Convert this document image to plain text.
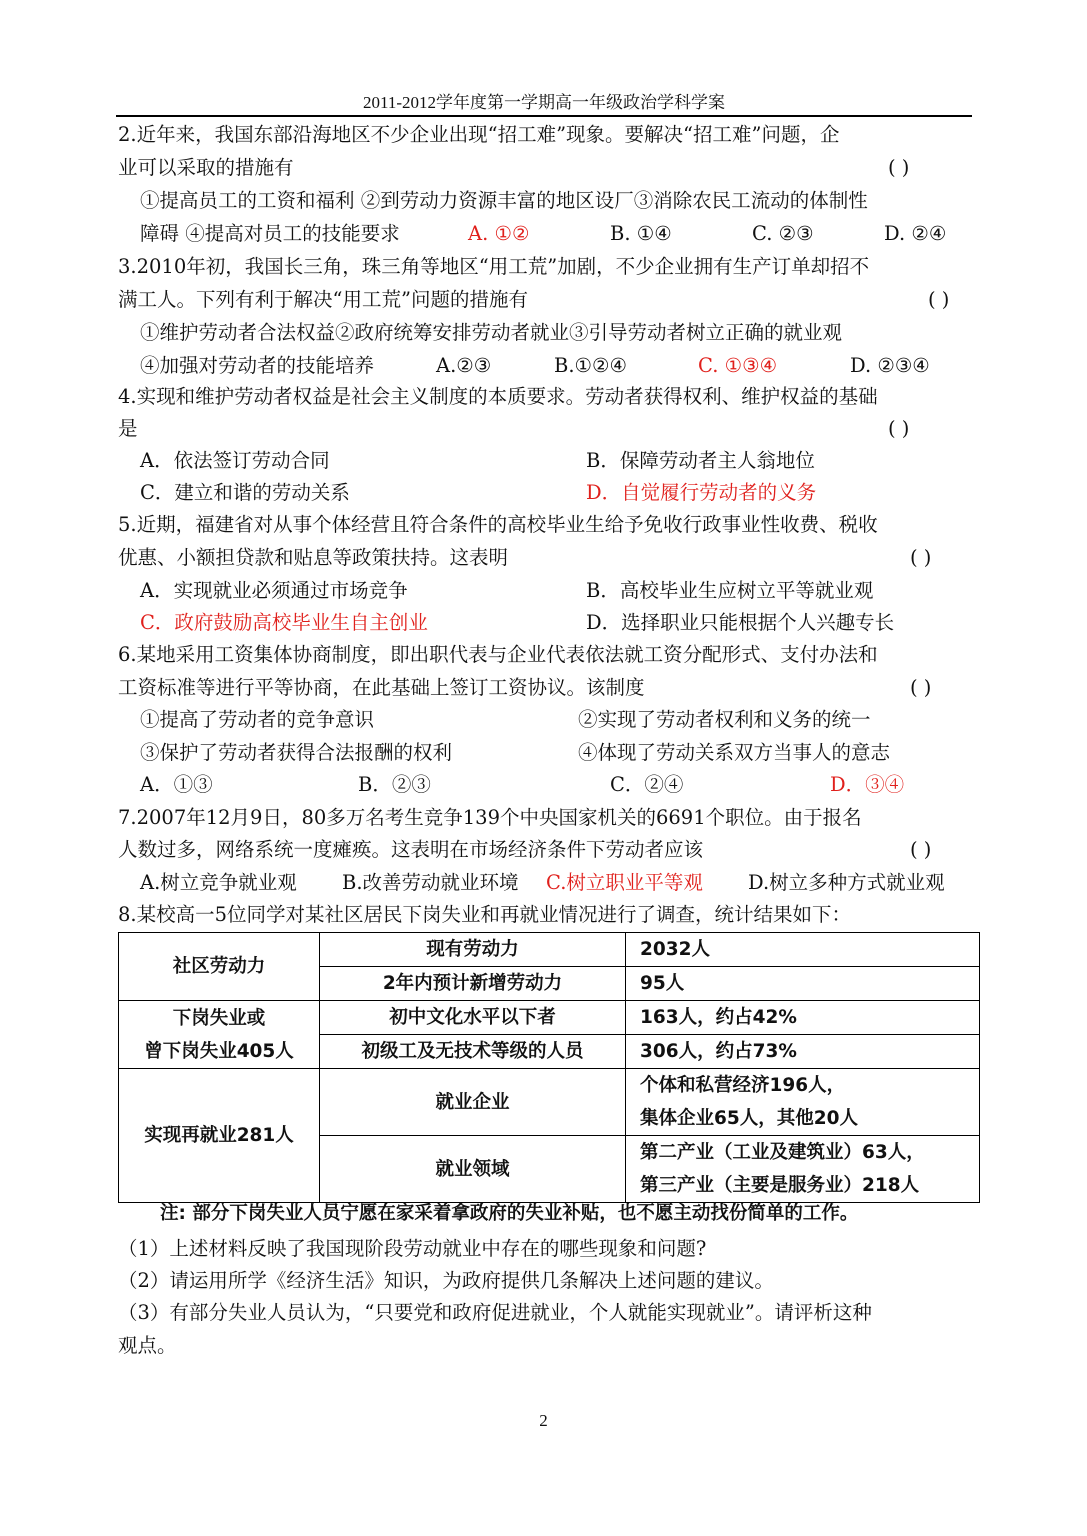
2011-2012学年度第一学期高一年级政治学科学案
2.近年来，我国东部沿海地区不少企业出现“招工难”现象。要解决“招工难”问题，企
业可以采取的措施有	( )
①提高员工的工资和福利 ②到劳动力资源丰富的地区设厂③消除农民工流动的体制性
障碍 ④提高对员工的技能要求	A. ①②	B. ①④	C. ②③	D. ②④
3.2010年初，我国长三角，珠三角等地区“用工荒”加剧，不少企业拥有生产订单却招不
满工人。下列有利于解决“用工荒”问题的措施有	( )
①维护劳动者合法权益②政府统筹安排劳动者就业③引导劳动者树立正确的就业观
④加强对劳动者的技能培养	A.②③	B.①②④	C. ①③④	D. ②③④
4.实现和维护劳动者权益是社会主义制度的本质要求。劳动者获得权利、维护权益的基础
是	( )
A．依法签订劳动合同	B．保障劳动者主人翁地位
C．建立和谐的劳动关系	D．自觉履行劳动者的义务
5.近期，福建省对从事个体经营且符合条件的高校毕业生给予免收行政事业性收费、税收
优惠、小额担贷款和贴息等政策扶持。这表明	( )
A．实现就业必须通过市场竞争	B．高校毕业生应树立平等就业观
C．政府鼓励高校毕业生自主创业	D．选择职业只能根据个人兴趣专长
6.某地采用工资集体协商制度，即出职代表与企业代表依法就工资分配形式、支付办法和
工资标准等进行平等协商，在此基础上签订工资协议。该制度	( )
①提高了劳动者的竞争意识	②实现了劳动者权利和义务的统一
③保护了劳动者获得合法报酬的权利	④体现了劳动关系双方当事人的意志
A．①③	B．②③	C．②④	D．③④
7.2007年12月9日，80多万名考生竞争139个中央国家机关的6691个职位。由于报名
人数过多，网络系统一度瘫痪。这表明在市场经济条件下劳动者应该	( )
A.树立竞争就业观 B.改善劳动就业环境 C.树立职业平等观 D.树立多种方式就业观
8.某校高一5位同学对某社区居民下岗失业和再就业情况进行了调查，统计结果如下：
社区劳动力	现有劳动力	2032人
	2年内预计新增劳动力	95人

下岗失业或
曾下岗失业405人	初中文化水平以下者	163人，约占42%
	初级工及无技术等级的人员	306人，约占73%
实现再就业281人	就业企业	个体和私营经济196人，
集体企业65人，其他20人

	就业领域	第二产业（工业及建筑业）63人，
第三产业（主要是服务业）218人
注: 部分下岗失业人员宁愿在家采着拿政府的失业补贴，也不愿主动找份简单的工作。
（1）上述材料反映了我国现阶段劳动就业中存在的哪些现象和问题?
（2）请运用所学《经济生活》知识，为政府提供几条解决上述问题的建议。
（3）有部分失业人员认为，“只要党和政府促进就业，个人就能实现就业”。请评析这种
观点。
2
